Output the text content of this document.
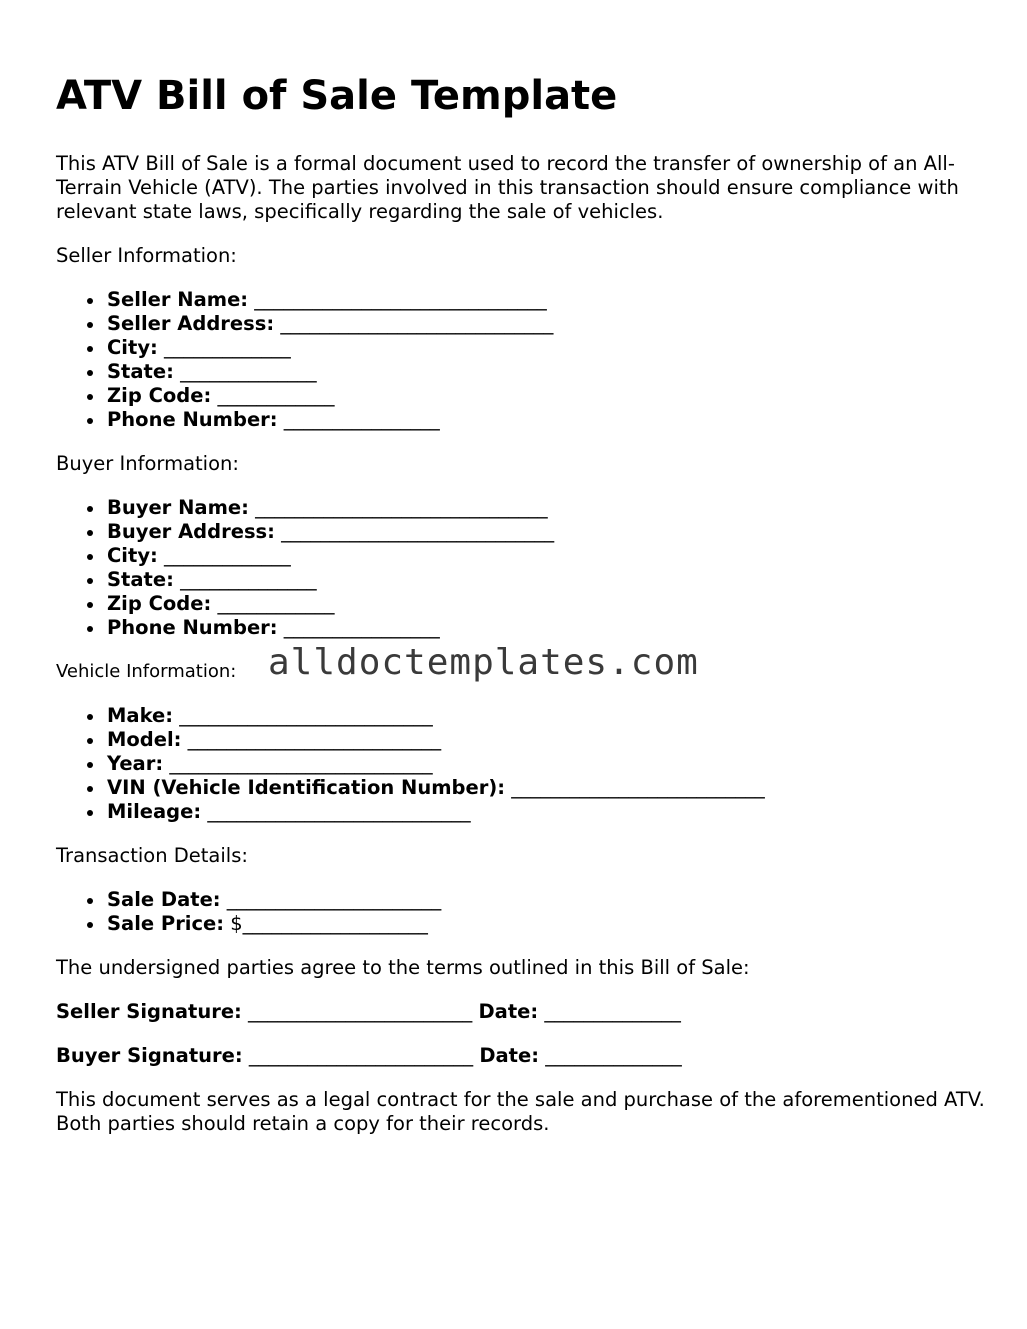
ATV Bill of Sale Template

This ATV Bill of Sale is a formal document used to record the transfer of ownership of an All-Terrain Vehicle (ATV). The parties involved in this transaction should ensure compliance with relevant state laws, specifically regarding the sale of vehicles.

Seller Information:

Seller Name: ______________________________
Seller Address: ____________________________
City: _____________
State: ______________
Zip Code: ____________
Phone Number: ________________

Buyer Information:

Buyer Name: ______________________________
Buyer Address: ____________________________
City: _____________
State: ______________
Zip Code: ____________
Phone Number: ________________

Vehicle Information: alldoctemplates.com

Make: __________________________
Model: __________________________
Year: ___________________________
VIN (Vehicle Identification Number): __________________________
Mileage: ___________________________

Transaction Details:

Sale Date: ______________________
Sale Price: $___________________

The undersigned parties agree to the terms outlined in this Bill of Sale:

Seller Signature: _______________________ Date: ______________

Buyer Signature: _______________________ Date: ______________

This document serves as a legal contract for the sale and purchase of the aforementioned ATV. Both parties should retain a copy for their records.
